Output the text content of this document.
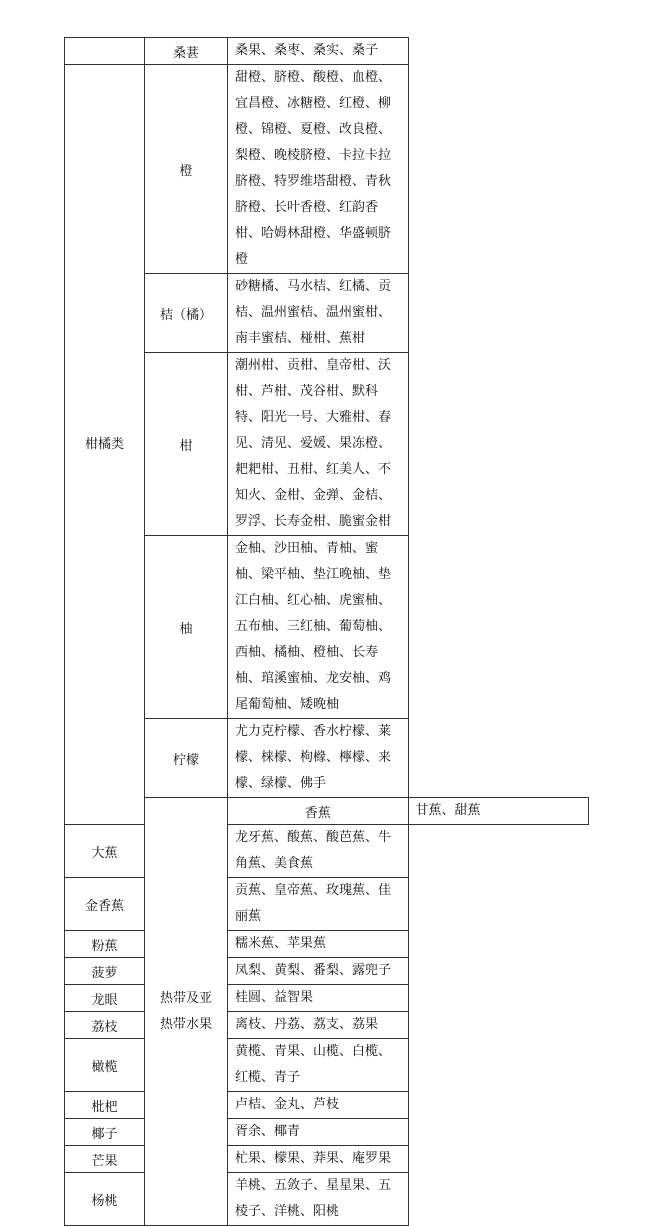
	桑葚	桑果、桑枣、桑实、桑子	
柑橘类	橙	甜橙、脐橙、酸橙、血橙、宜昌橙、冰糖橙、红橙、柳橙、锦橙、夏橙、改良橙、梨橙、晚棱脐橙、卡拉卡拉脐橙、特罗维塔甜橙、青秋脐橙、长叶香橙、红韵香柑、哈姆林甜橙、华盛顿脐橙	
	桔（橘）	砂糖橘、马水桔、红橘、贡桔、温州蜜桔、温州蜜柑、南丰蜜桔、椪柑、蕉柑	
	柑	潮州柑、贡柑、皇帝柑、沃柑、芦柑、茂谷柑、默科特、阳光一号、大雅柑、春见、清见、爱媛、果冻橙、耙耙柑、丑柑、红美人、不知火、金柑、金弹、金桔、罗浮、长寿金柑、脆蜜金柑	
	柚	金柚、沙田柚、青柚、蜜柚、梁平柚、垫江晚柚、垫江白柚、红心柚、虎蜜柚、五布柚、三红柚、葡萄柚、西柚、橘柚、橙柚、长寿柚、琯溪蜜柚、龙安柚、鸡尾葡萄柚、矮晚柚	
	柠檬	尤力克柠檬、香水柠檬、莱檬、梾檬、枸橼、檸檬、来檬、绿檬、佛手	
	热带及亚热带水果	香蕉	甘蕉、甜蕉
大蕉		龙牙蕉、酸蕉、酸芭蕉、牛角蕉、美食蕉	
金香蕉		贡蕉、皇帝蕉、玫瑰蕉、佳丽蕉	
粉蕉		糯米蕉、苹果蕉	
菠萝		凤梨、黄梨、番梨、露兜子	
龙眼		桂圆、益智果	
荔枝		离枝、丹荔、荔支、荔果	
橄榄		黄榄、青果、山榄、白榄、红榄、青子	
枇杷		卢桔、金丸、芦枝	
椰子		胥余、椰青	
芒果		杧果、檬果、莽果、庵罗果	
杨桃		羊桃、五敛子、星星果、五棱子、洋桃、阳桃	
